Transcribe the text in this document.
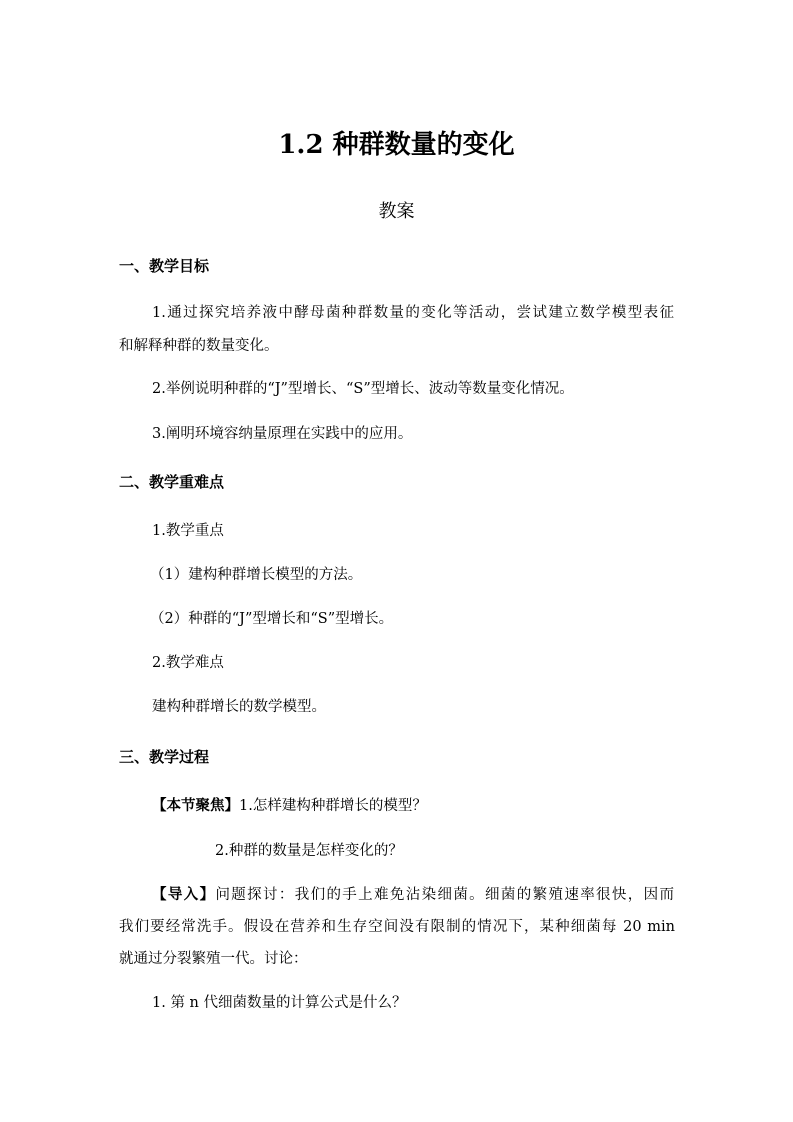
1.2 种群数量的变化
教案
一、教学目标
1.通过探究培养液中酵母菌种群数量的变化等活动，尝试建立数学模型表征
和解释种群的数量变化。
2.举例说明种群的“J”型增长、“S”型增长、波动等数量变化情况。
3.阐明环境容纳量原理在实践中的应用。
二、教学重难点
1.教学重点
（1）建构种群增长模型的方法。
（2）种群的“J”型增长和“S”型增长。
2.教学难点
建构种群增长的数学模型。
三、教学过程
【本节聚焦】1.怎样建构种群增长的模型？
2.种群的数量是怎样变化的？
【导入】问题探讨：我们的手上难免沾染细菌。细菌的繁殖速率很快，因而
我们要经常洗手。假设在营养和生存空间没有限制的情况下，某种细菌每 20 min
就通过分裂繁殖一代。讨论：
1. 第 n 代细菌数量的计算公式是什么？
